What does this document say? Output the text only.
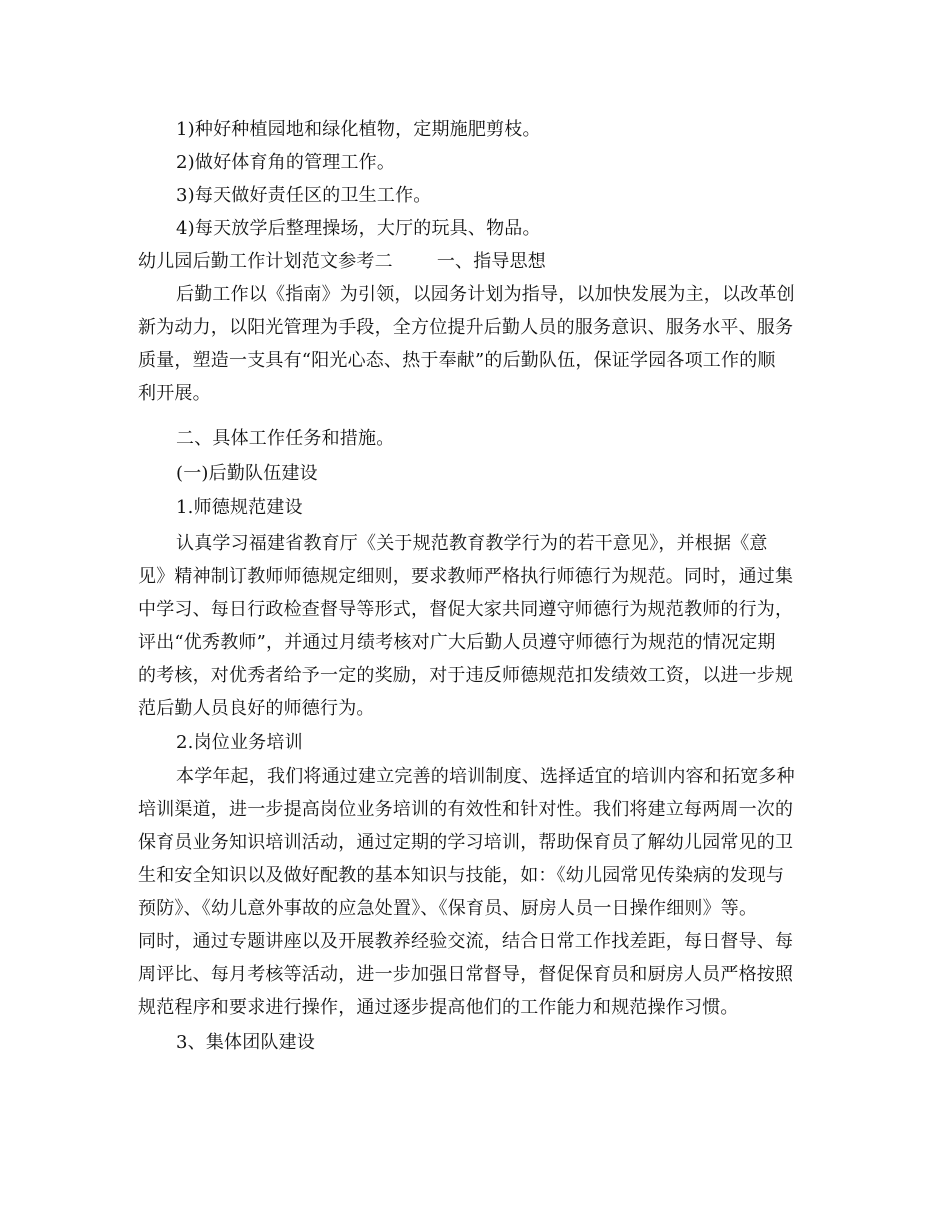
1)种好种植园地和绿化植物，定期施肥剪枝。
2)做好体育角的管理工作。
3)每天做好责任区的卫生工作。
4)每天放学后整理操场，大厅的玩具、物品。
幼儿园后勤工作计划范文参考二 一、指导思想
后勤工作以《指南》为引领，以园务计划为指导，以加快发展为主，以改革创
新为动力，以阳光管理为手段，全方位提升后勤人员的服务意识、服务水平、服务
质量，塑造一支具有“阳光心态、热于奉献”的后勤队伍，保证学园各项工作的顺
利开展。
二、具体工作任务和措施。
(一)后勤队伍建设
1.师德规范建设
认真学习福建省教育厅《关于规范教育教学行为的若干意见》，并根据《意
见》精神制订教师师德规定细则，要求教师严格执行师德行为规范。同时，通过集
中学习、每日行政检查督导等形式，督促大家共同遵守师德行为规范教师的行为，
评出“优秀教师”，并通过月绩考核对广大后勤人员遵守师德行为规范的情况定期
的考核，对优秀者给予一定的奖励，对于违反师德规范扣发绩效工资，以进一步规
范后勤人员良好的师德行为。
2.岗位业务培训
本学年起，我们将通过建立完善的培训制度、选择适宜的培训内容和拓宽多种
培训渠道，进一步提高岗位业务培训的有效性和针对性。我们将建立每两周一次的
保育员业务知识培训活动，通过定期的学习培训，帮助保育员了解幼儿园常见的卫
生和安全知识以及做好配教的基本知识与技能，如：《幼儿园常见传染病的发现与
预防》、《幼儿意外事故的应急处置》、《保育员、厨房人员一日操作细则》等。
同时，通过专题讲座以及开展教养经验交流，结合日常工作找差距，每日督导、每
周评比、每月考核等活动，进一步加强日常督导，督促保育员和厨房人员严格按照
规范程序和要求进行操作，通过逐步提高他们的工作能力和规范操作习惯。
3、集体团队建设
